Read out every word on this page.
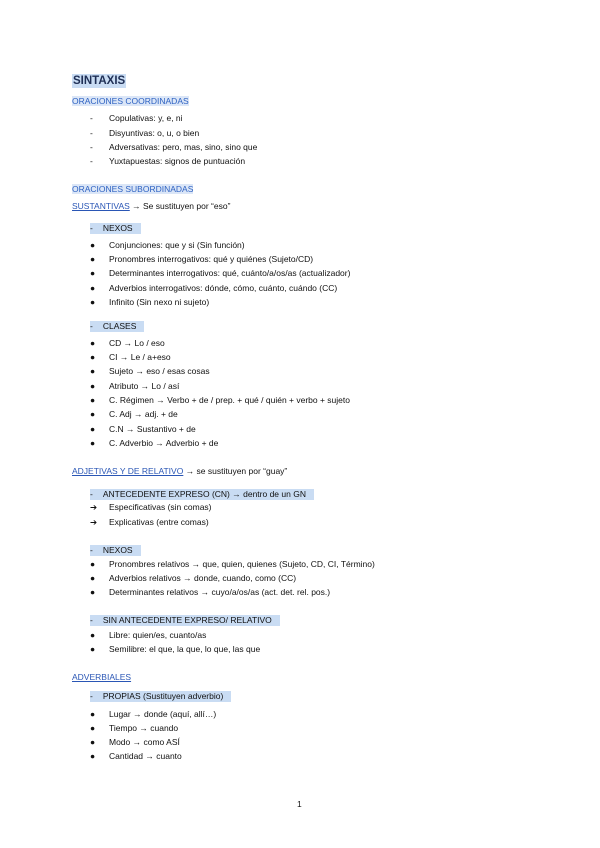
SINTAXIS
ORACIONES COORDINADAS
- Copulativas: y, e, ni
- Disyuntivas: o, u, o bien
- Adversativas: pero, mas, sino, sino que
- Yuxtapuestas: signos de puntuación
ORACIONES SUBORDINADAS
SUSTANTIVAS → Se sustituyen por “eso”
- NEXOS
● Conjunciones: que y si (Sin función)
● Pronombres interrogativos: qué y quiénes (Sujeto/CD)
● Determinantes interrogativos: qué, cuánto/a/os/as (actualizador)
● Adverbios interrogativos: dónde, cómo, cuánto, cuándo (CC)
● Infinito (Sin nexo ni sujeto)
- CLASES
● CD → Lo / eso
● CI → Le / a+eso
● Sujeto → eso / esas cosas
● Atributo → Lo / así
● C. Régimen → Verbo + de / prep. + qué / quién + verbo + sujeto
● C. Adj → adj. + de
● C.N → Sustantivo + de
● C. Adverbio → Adverbio + de
ADJETIVAS Y DE RELATIVO → se sustituyen por “guay”
- ANTECEDENTE EXPRESO (CN) → dentro de un GN
➔ Especificativas (sin comas)
➔ Explicativas (entre comas)
- NEXOS
● Pronombres relativos → que, quien, quienes (Sujeto, CD, CI, Término)
● Adverbios relativos → donde, cuando, como (CC)
● Determinantes relativos → cuyo/a/os/as (act. det. rel. pos.)
- SIN ANTECEDENTE EXPRESO/ RELATIVO
● Libre: quien/es, cuanto/as
● Semilibre: el que, la que, lo que, las que
ADVERBIALES
- PROPIAS (Sustituyen adverbio)
● Lugar → donde (aquí, allí…)
● Tiempo → cuando
● Modo → como ASÍ
● Cantidad → cuanto
1
